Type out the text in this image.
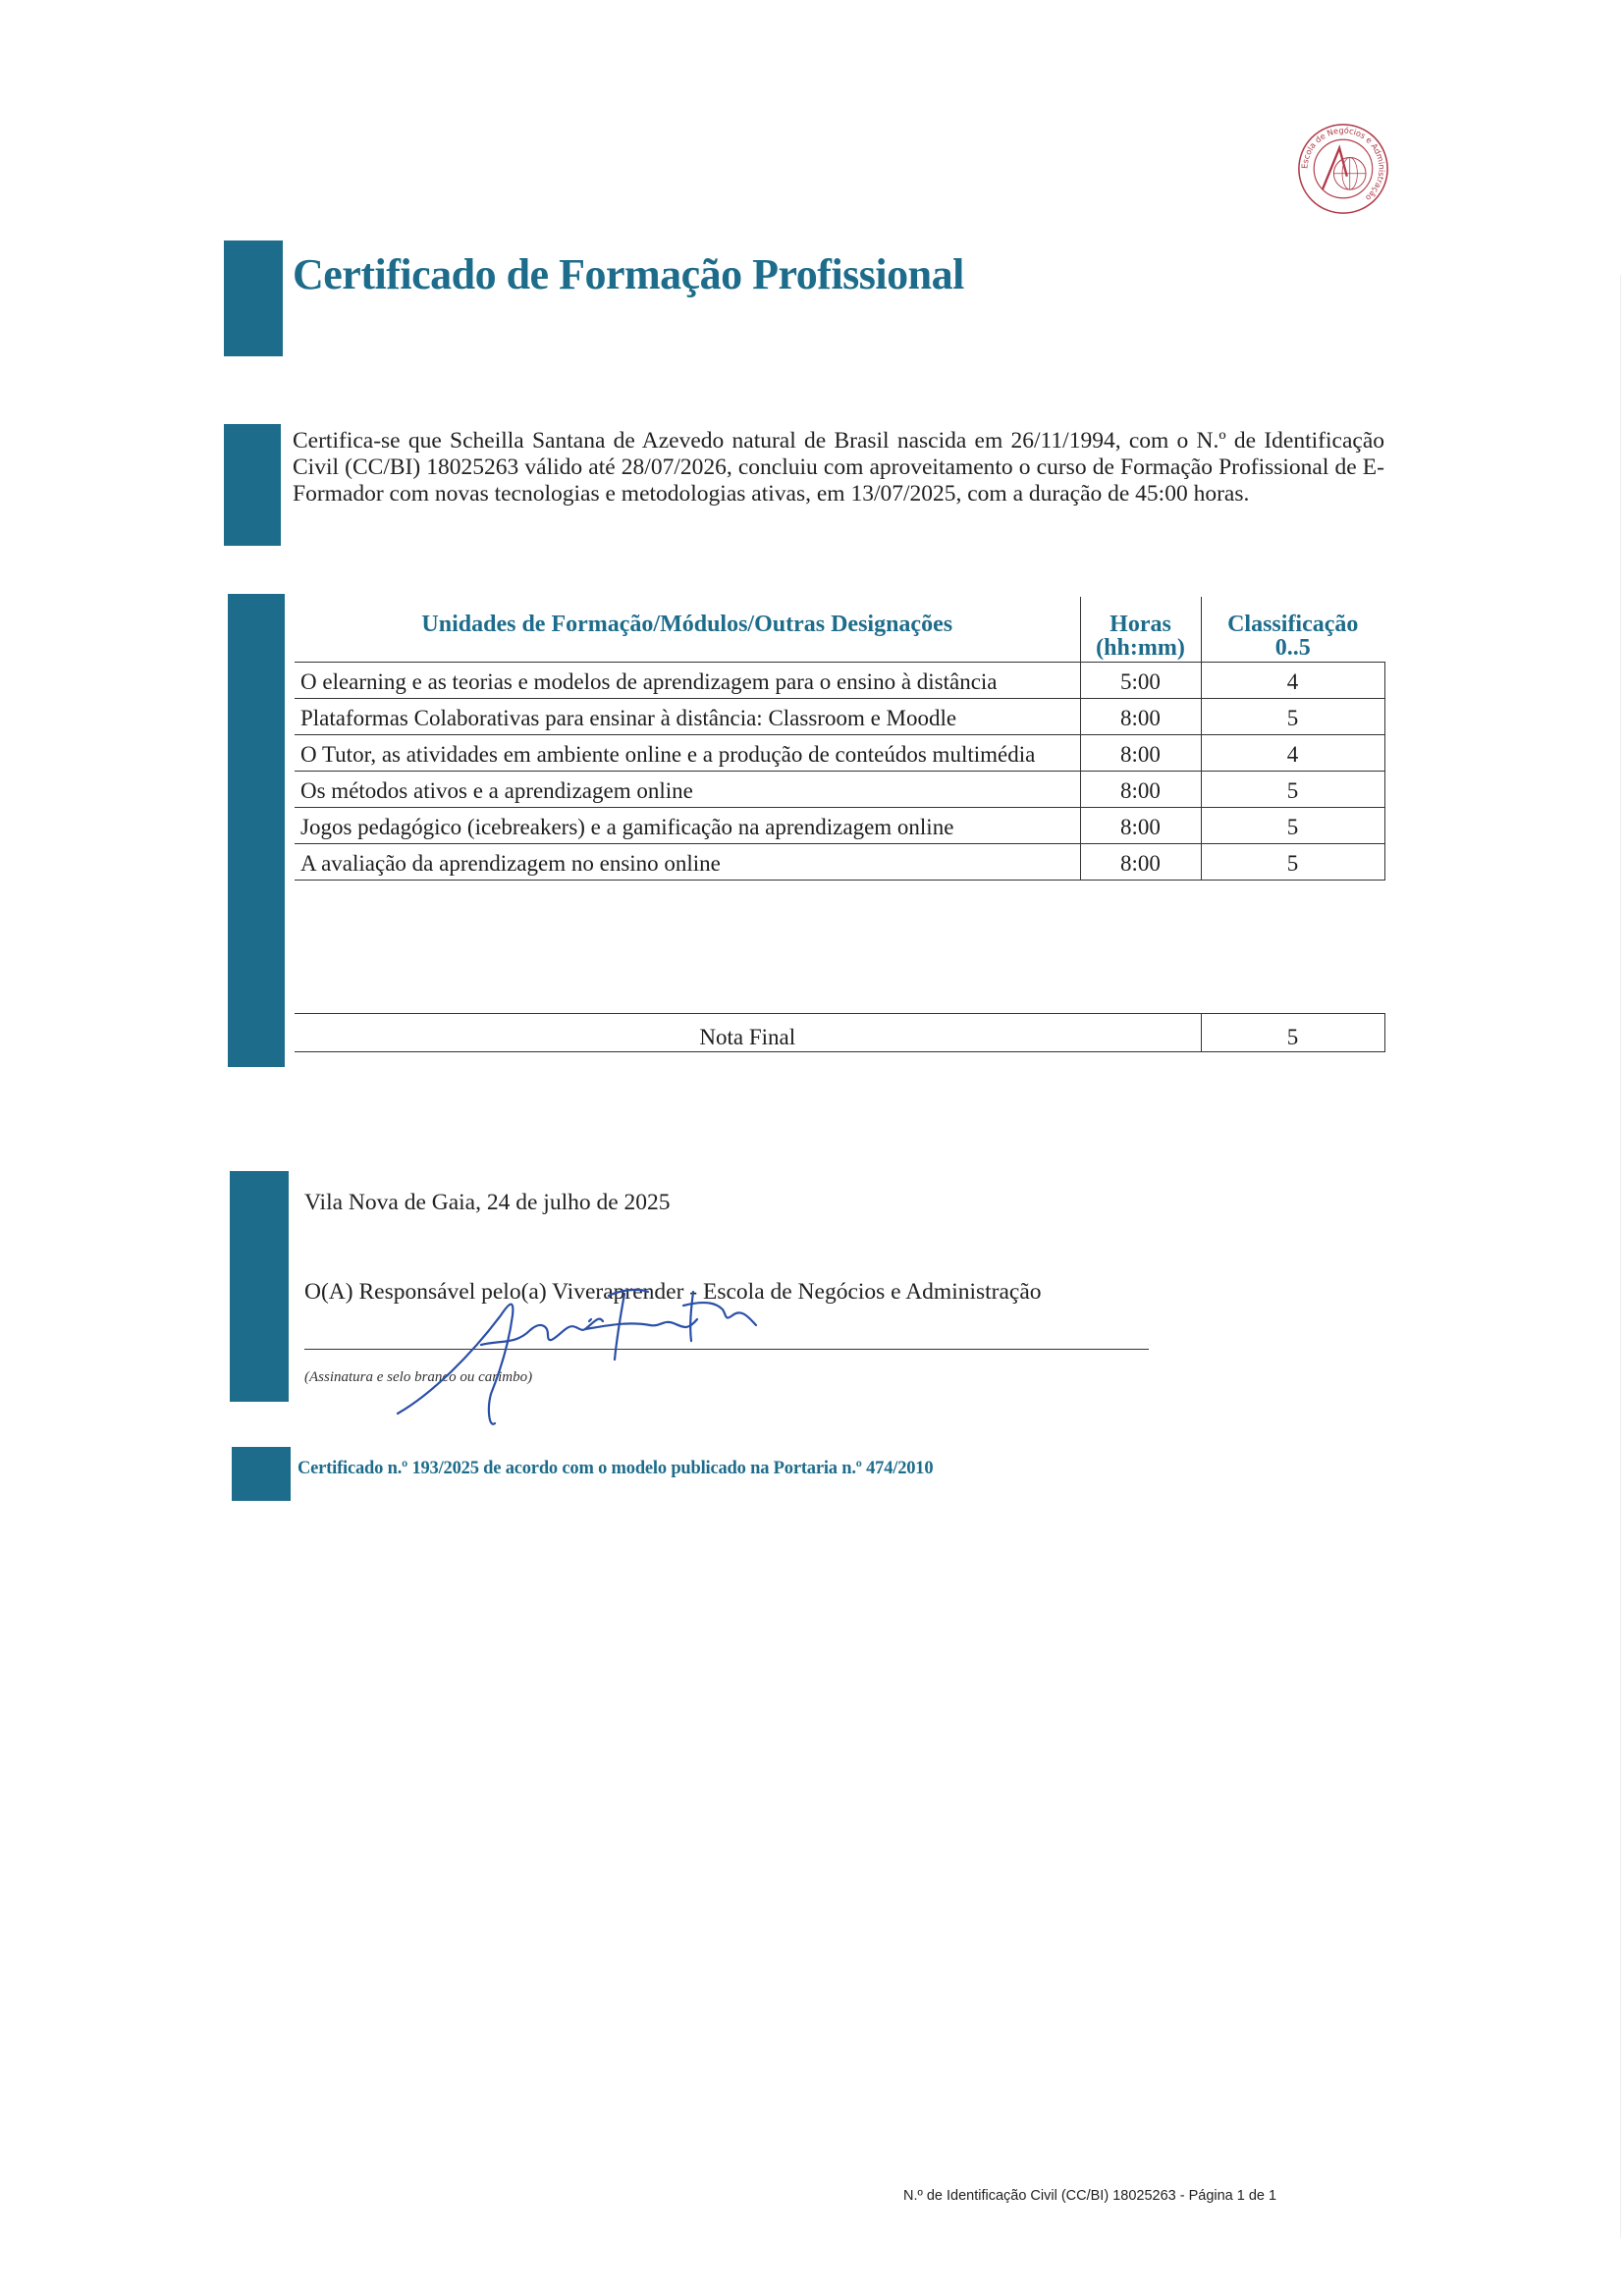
Escola de Negócios e Administração
Certificado de Formação Profissional

Certifica-se que Scheilla Santana de Azevedo natural de Brasil nascida em 26/11/1994, com o N.º de Identificação Civil (CC/BI) 18025263 válido até 28/07/2026, concluiu com aproveitamento o curso de Formação Profissional de E-Formador com novas tecnologias e metodologias ativas, em 13/07/2025, com a duração de 45:00 horas.

Unidades de Formação/Módulos/Outras Designações	Horas (hh:mm)	Classificação 0..5
O elearning e as teorias e modelos de aprendizagem para o ensino à distância	5:00	4
Plataformas Colaborativas para ensinar à distância: Classroom e Moodle	8:00	5
O Tutor, as atividades em ambiente online e a produção de conteúdos multimédia	8:00	4
Os métodos ativos e a aprendizagem online	8:00	5
Jogos pedagógico (icebreakers) e a gamificação na aprendizagem online	8:00	5
A avaliação da aprendizagem no ensino online	8:00	5
Nota Final	5
Vila Nova de Gaia, 24 de julho de 2025
O(A) Responsável pelo(a) Viveraprender - Escola de Negócios e Administração
(Assinatura e selo branco ou carimbo)
Certificado n.º 193/2025 de acordo com o modelo publicado na Portaria n.º 474/2010
N.º de Identificação Civil (CC/BI) 18025263 - Página 1 de 1
